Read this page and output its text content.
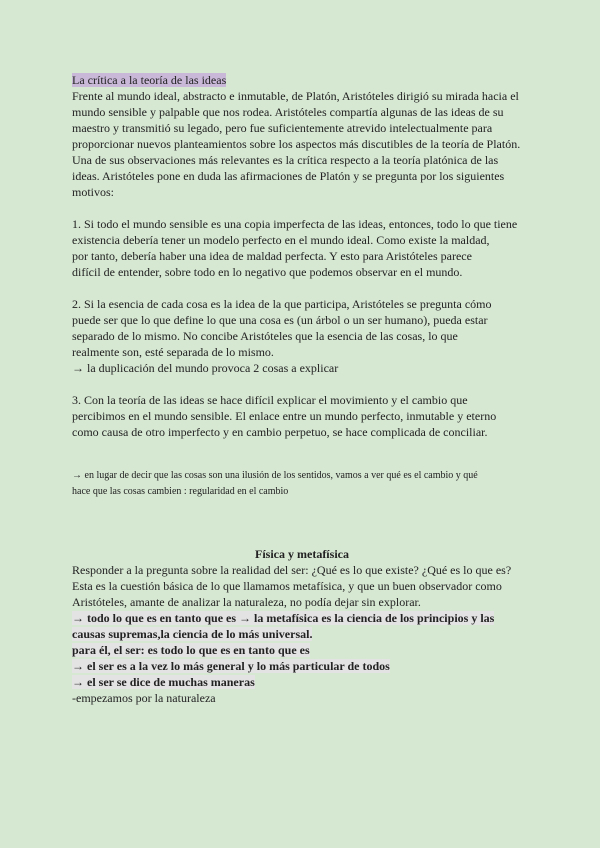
La crítica a la teoría de las ideas
Frente al mundo ideal, abstracto e inmutable, de Platón, Aristóteles dirigió su mirada hacia el
mundo sensible y palpable que nos rodea. Aristóteles compartía algunas de las ideas de su
maestro y transmitió su legado, pero fue suficientemente atrevido intelectualmente para
proporcionar nuevos planteamientos sobre los aspectos más discutibles de la teoría de Platón.
Una de sus observaciones más relevantes es la crítica respecto a la teoría platónica de las
ideas. Aristóteles pone en duda las afirmaciones de Platón y se pregunta por los siguientes
motivos:
1. Si todo el mundo sensible es una copia imperfecta de las ideas, entonces, todo lo que tiene
existencia debería tener un modelo perfecto en el mundo ideal. Como existe la maldad,
por tanto, debería haber una idea de maldad perfecta. Y esto para Aristóteles parece
difícil de entender, sobre todo en lo negativo que podemos observar en el mundo.
2. Si la esencia de cada cosa es la idea de la que participa, Aristóteles se pregunta cómo
puede ser que lo que define lo que una cosa es (un árbol o un ser humano), pueda estar
separado de lo mismo. No concibe Aristóteles que la esencia de las cosas, lo que
realmente son, esté separada de lo mismo.
→ la duplicación del mundo provoca 2 cosas a explicar
3. Con la teoría de las ideas se hace difícil explicar el movimiento y el cambio que
percibimos en el mundo sensible. El enlace entre un mundo perfecto, inmutable y eterno
como causa de otro imperfecto y en cambio perpetuo, se hace complicada de conciliar.
→ en lugar de decir que las cosas son una ilusión de los sentidos, vamos a ver qué es el cambio y qué
hace que las cosas cambien : regularidad en el cambio
Física y metafísica
Responder a la pregunta sobre la realidad del ser: ¿Qué es lo que existe? ¿Qué es lo que es?
Esta es la cuestión básica de lo que llamamos metafísica, y que un buen observador como
Aristóteles, amante de analizar la naturaleza, no podía dejar sin explorar.
→ todo lo que es en tanto que es → la metafísica es la ciencia de los principios y las
causas supremas,la ciencia de lo más universal.
para él, el ser: es todo lo que es en tanto que es
→ el ser es a la vez lo más general y lo más particular de todos
→ el ser se dice de muchas maneras
-empezamos por la naturaleza
